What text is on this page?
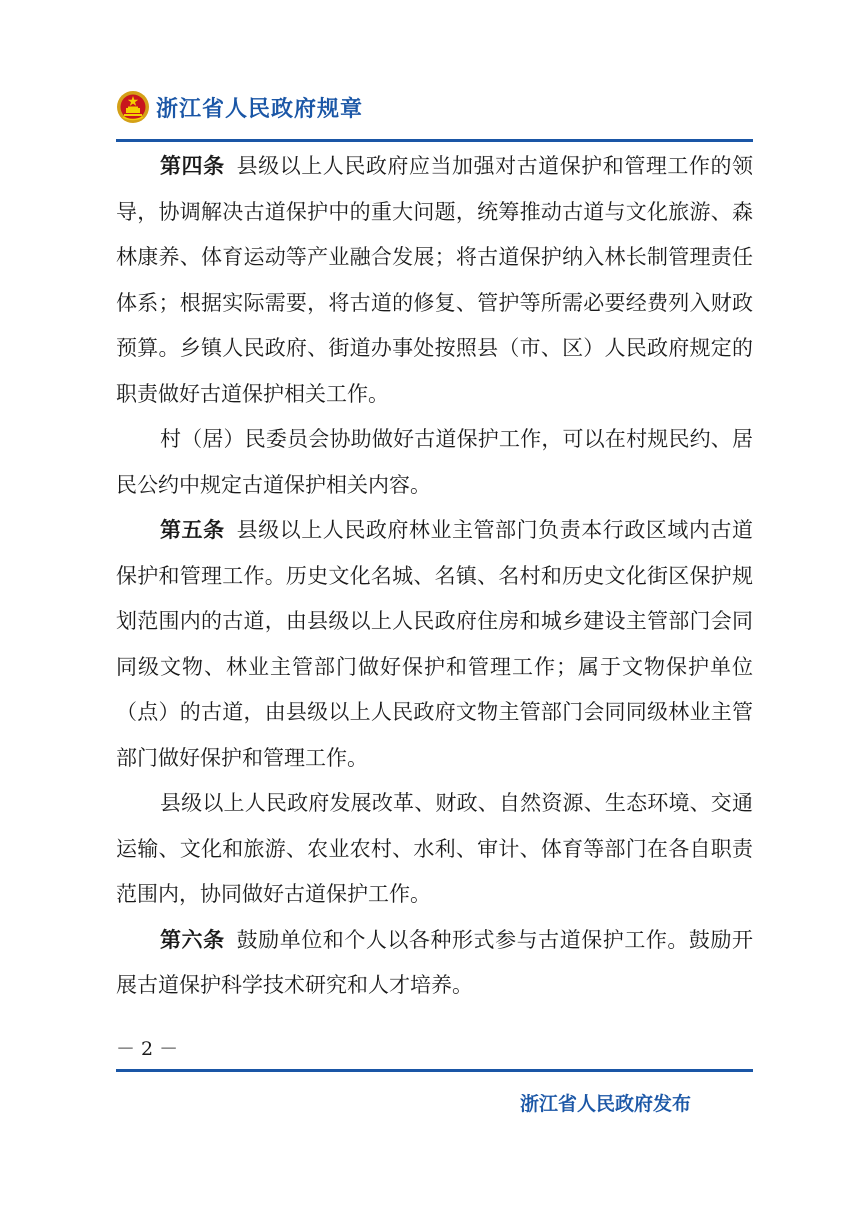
浙江省人民政府规章

第四条 县级以上人民政府应当加强对古道保护和管理工作的领导，协调解决古道保护中的重大问题，统筹推动古道与文化旅游、森林康养、体育运动等产业融合发展；将古道保护纳入林长制管理责任体系；根据实际需要，将古道的修复、管护等所需必要经费列入财政预算。乡镇人民政府、街道办事处按照县（市、区）人民政府规定的职责做好古道保护相关工作。

村（居）民委员会协助做好古道保护工作，可以在村规民约、居民公约中规定古道保护相关内容。

第五条 县级以上人民政府林业主管部门负责本行政区域内古道保护和管理工作。历史文化名城、名镇、名村和历史文化街区保护规划范围内的古道，由县级以上人民政府住房和城乡建设主管部门会同同级文物、林业主管部门做好保护和管理工作；属于文物保护单位（点）的古道，由县级以上人民政府文物主管部门会同同级林业主管部门做好保护和管理工作。

县级以上人民政府发展改革、财政、自然资源、生态环境、交通运输、文化和旅游、农业农村、水利、审计、体育等部门在各自职责范围内，协同做好古道保护工作。

第六条 鼓励单位和个人以各种形式参与古道保护工作。鼓励开展古道保护科学技术研究和人才培养。

－ 2 －
浙江省人民政府发布
